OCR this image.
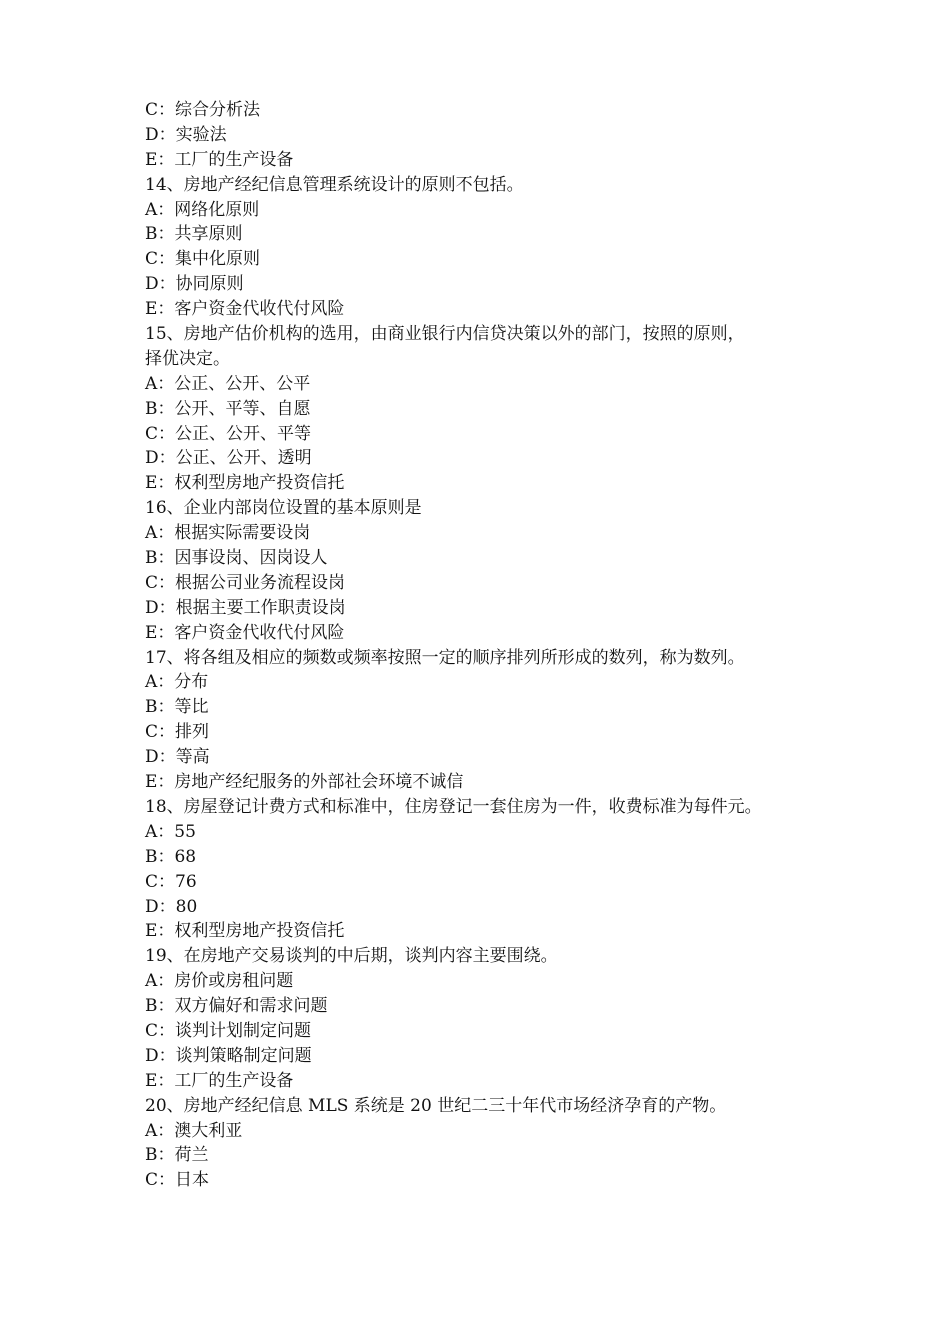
C：综合分析法
D：实验法
E：工厂的生产设备
14、房地产经纪信息管理系统设计的原则不包括。
A：网络化原则
B：共享原则
C：集中化原则
D：协同原则
E：客户资金代收代付风险
15、房地产估价机构的选用，由商业银行内信贷决策以外的部门，按照的原则，
择优决定。
A：公正、公开、公平
B：公开、平等、自愿
C：公正、公开、平等
D：公正、公开、透明
E：权利型房地产投资信托
16、企业内部岗位设置的基本原则是
A：根据实际需要设岗
B：因事设岗、因岗设人
C：根据公司业务流程设岗
D：根据主要工作职责设岗
E：客户资金代收代付风险
17、将各组及相应的频数或频率按照一定的顺序排列所形成的数列，称为数列。
A：分布
B：等比
C：排列
D：等高
E：房地产经纪服务的外部社会环境不诚信
18、房屋登记计费方式和标准中，住房登记一套住房为一件，收费标准为每件元。
A：55
B：68
C：76
D：80
E：权利型房地产投资信托
19、在房地产交易谈判的中后期，谈判内容主要围绕。
A：房价或房租问题
B：双方偏好和需求问题
C：谈判计划制定问题
D：谈判策略制定问题
E：工厂的生产设备
20、房地产经纪信息 MLS 系统是 20 世纪二三十年代市场经济孕育的产物。
A：澳大利亚
B：荷兰
C：日本
